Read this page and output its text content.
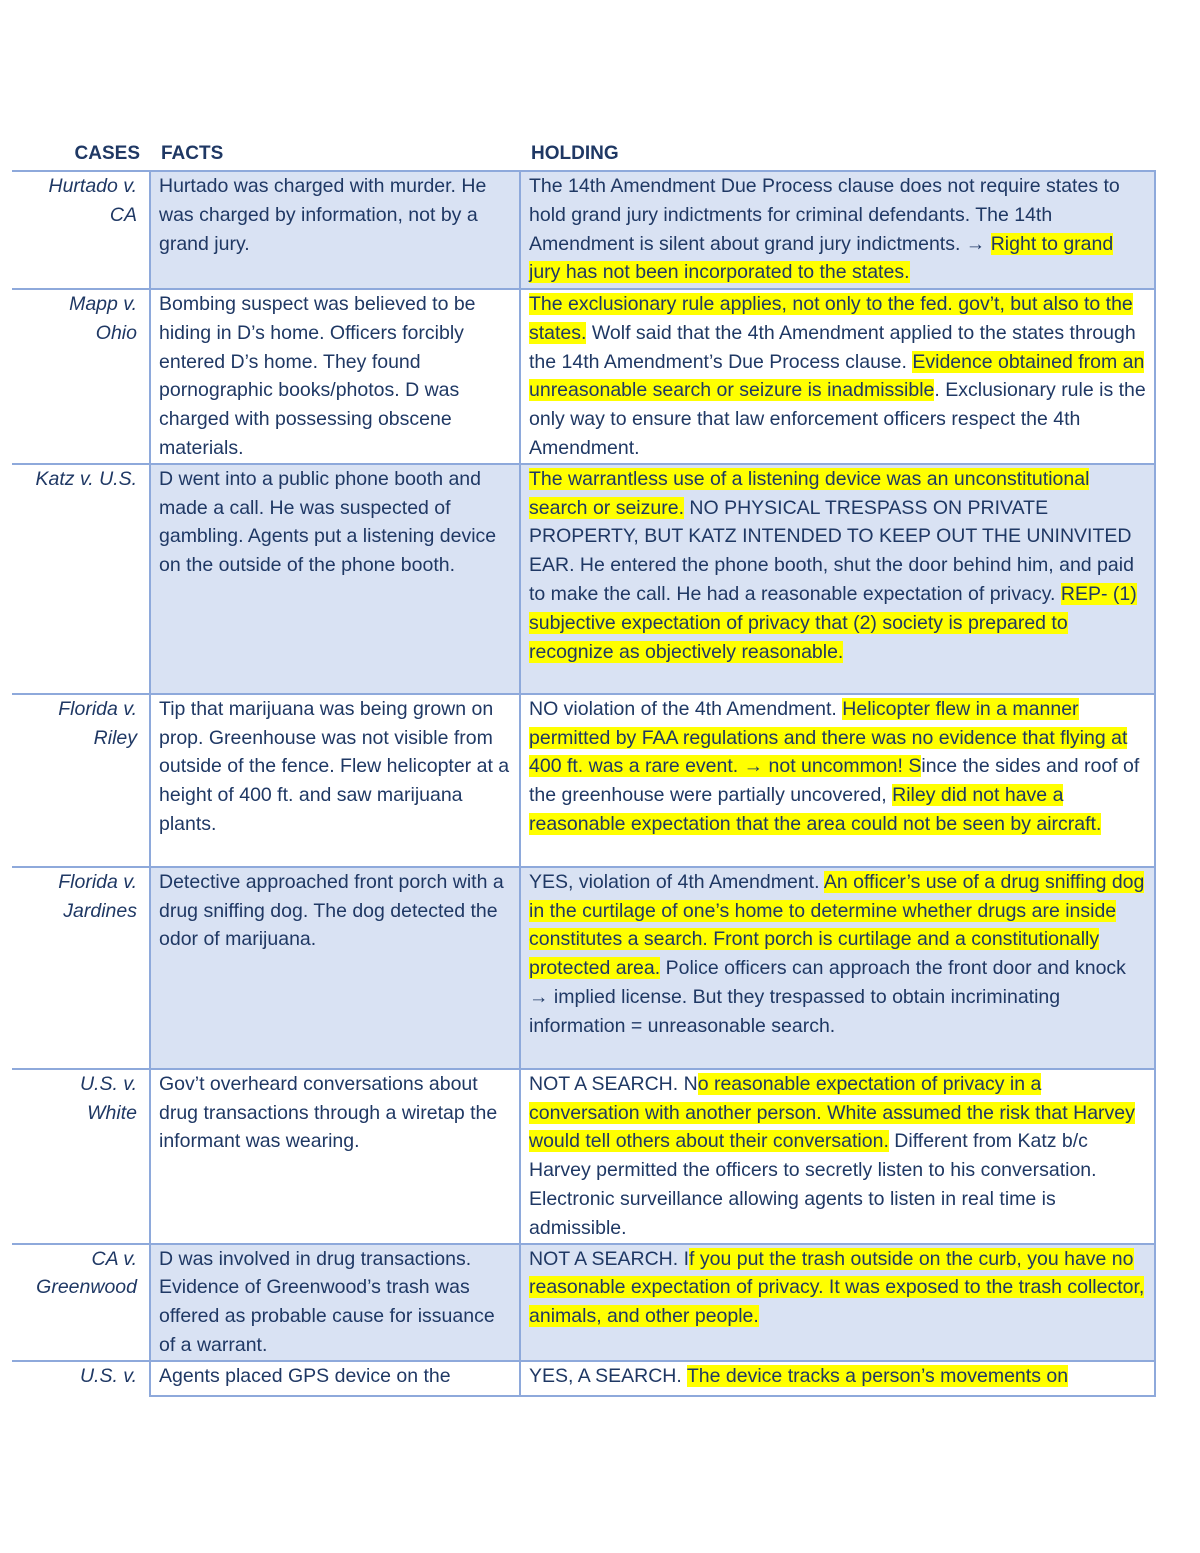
CASES FACTS	HOLDING
Hurtado v.
CA	Hurtado was charged with murder. He was charged by information, not by a grand jury.	The 14th Amendment Due Process clause does not require states to hold grand jury indictments for criminal defendants. The 14th Amendment is silent about grand jury indictments. → Right to grand jury has not been incorporated to the states.

Mapp v.
Ohio	Bombing suspect was believed to be hiding in D’s home. Officers forcibly entered D’s home. They found pornographic books/photos. D was charged with possessing obscene materials.	The exclusionary rule applies, not only to the fed. gov’t, but also to the states. Wolf said that the 4th Amendment applied to the states through the 14th Amendment’s Due Process clause. Evidence obtained from an unreasonable search or seizure is inadmissible. Exclusionary rule is the only way to ensure that law enforcement officers respect the 4th Amendment.

Katz v. U.S.	D went into a public phone booth and made a call. He was suspected of gambling. Agents put a listening device on the outside of the phone booth.	The warrantless use of a listening device was an unconstitutional search or seizure. NO PHYSICAL TRESPASS ON PRIVATE PROPERTY, BUT KATZ INTENDED TO KEEP OUT THE UNINVITED EAR. He entered the phone booth, shut the door behind him, and paid to make the call. He had a reasonable expectation of privacy. REP- (1) subjective expectation of privacy that (2) society is prepared to recognize as objectively reasonable.

Florida v.
Riley	Tip that marijuana was being grown on prop. Greenhouse was not visible from outside of the fence. Flew helicopter at a height of 400 ft. and saw marijuana plants.	NO violation of the 4th Amendment. Helicopter flew in a manner permitted by FAA regulations and there was no evidence that flying at 400 ft. was a rare event. → not uncommon! Since the sides and roof of the greenhouse were partially uncovered, Riley did not have a reasonable expectation that the area could not be seen by aircraft.

Florida v.
Jardines	Detective approached front porch with a drug sniffing dog. The dog detected the odor of marijuana.	YES, violation of 4th Amendment. An officer’s use of a drug sniffing dog in the curtilage of one’s home to determine whether drugs are inside constitutes a search. Front porch is curtilage and a constitutionally protected area. Police officers can approach the front door and knock → implied license. But they trespassed to obtain incriminating information = unreasonable search.

U.S. v.
White	Gov’t overheard conversations about drug transactions through a wiretap the informant was wearing.	NOT A SEARCH. No reasonable expectation of privacy in a conversation with another person. White assumed the risk that Harvey would tell others about their conversation. Different from Katz b/c Harvey permitted the officers to secretly listen to his conversation. Electronic surveillance allowing agents to listen in real time is admissible.

CA v.
Greenwood	D was involved in drug transactions. Evidence of Greenwood’s trash was offered as probable cause for issuance of a warrant.	NOT A SEARCH. If you put the trash outside on the curb, you have no reasonable expectation of privacy. It was exposed to the trash collector, animals, and other people.

U.S. v.	Agents placed GPS device on the	YES, A SEARCH. The device tracks a person’s movements on
